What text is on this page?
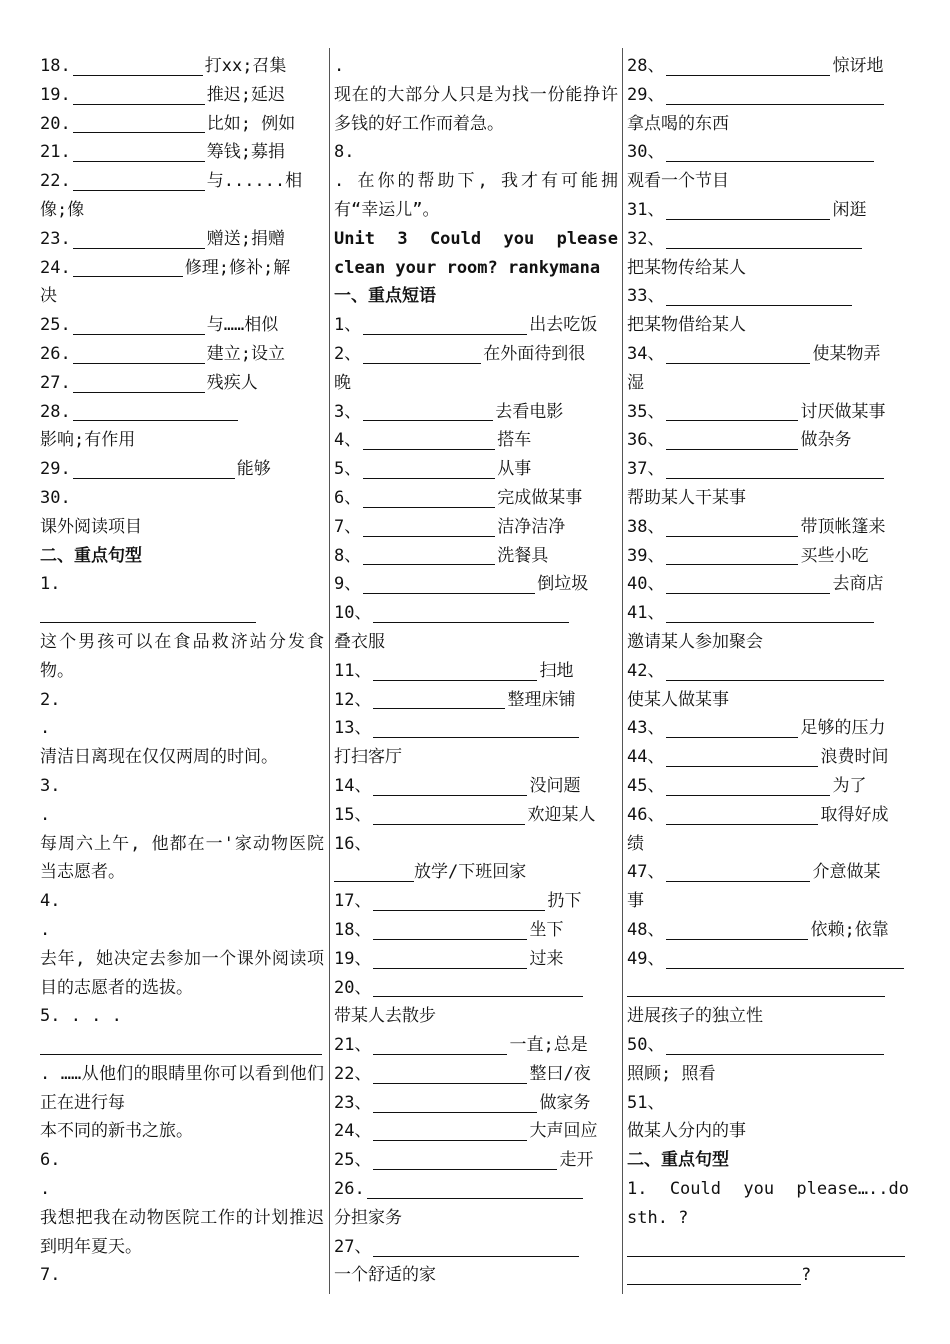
18.	打xx;召集
19.	推迟;延迟
20.	比如; 例如
21.	筹钱;募捐
22.	与......相
像;像
23.	赠送;捐赠
24.	修理;修补;解
决
25.	与……相似
26.	建立;设立
27.	残疾人
28.
影响;有作用
29.	能够
30.
课外阅读项目
二、重点句型
1.
这个男孩可以在食品救济站分发食物。
2.
.
清洁日离现在仅仅两周的时间。
3.
.
每周六上午, 他都在一'家动物医院当志愿者。
4.
.
去年, 她决定去参加一个课外阅读项目的志愿者的选拔。
5. . . .
. ……从他们的眼睛里你可以看到他们正在进行每
本不同的新书之旅。
6.
.
我想把我在动物医院工作的计划推迟到明年夏天。
7.
.
现在的大部分人只是为找一份能挣许多钱的好工作而着急。
8.
. 在你的帮助下, 我才有可能拥有“幸运儿”。
Unit 3 Could you please clean your room? rankymana
一、重点短语
1、	出去吃饭
2、	在外面待到很
晚
3、	去看电影
4、	搭车
5、	从事
6、	完成做某事
7、	洁净洁净
8、	洗餐具
9、	倒垃圾
10、
叠衣服
11、	扫地
12、	整理床铺
13、
打扫客厅
14、	没问题
15、	欢迎某人
16、
放学/下班回家
17、	扔下
18、	坐下
19、	过来
20、
带某人去散步
21、	一直;总是
22、	整曰/夜
23、	做家务
24、	大声回应
25、	走开
26.
分担家务
27、
一个舒适的家
28、	惊讶地
29、
拿点喝的东西
30、
观看一个节目
31、	闲逛
32、
把某物传给某人
33、
把某物借给某人
34、	使某物弄
湿
35、	讨厌做某事
36、	做杂务
37、
帮助某人干某事
38、	带顶帐篷来
39、	买些小吃
40、	去商店
41、
邀请某人参加聚会
42、
使某人做某事
43、	足够的压力
44、	浪费时间
45、	为了
46、	取得好成
绩
47、	介意做某
事
48、	依赖;依靠
49、
进展孩子的独立性
50、
照顾; 照看
51、
做某人分内的事
二、重点句型
1. Could you please…..do sth. ?
?
